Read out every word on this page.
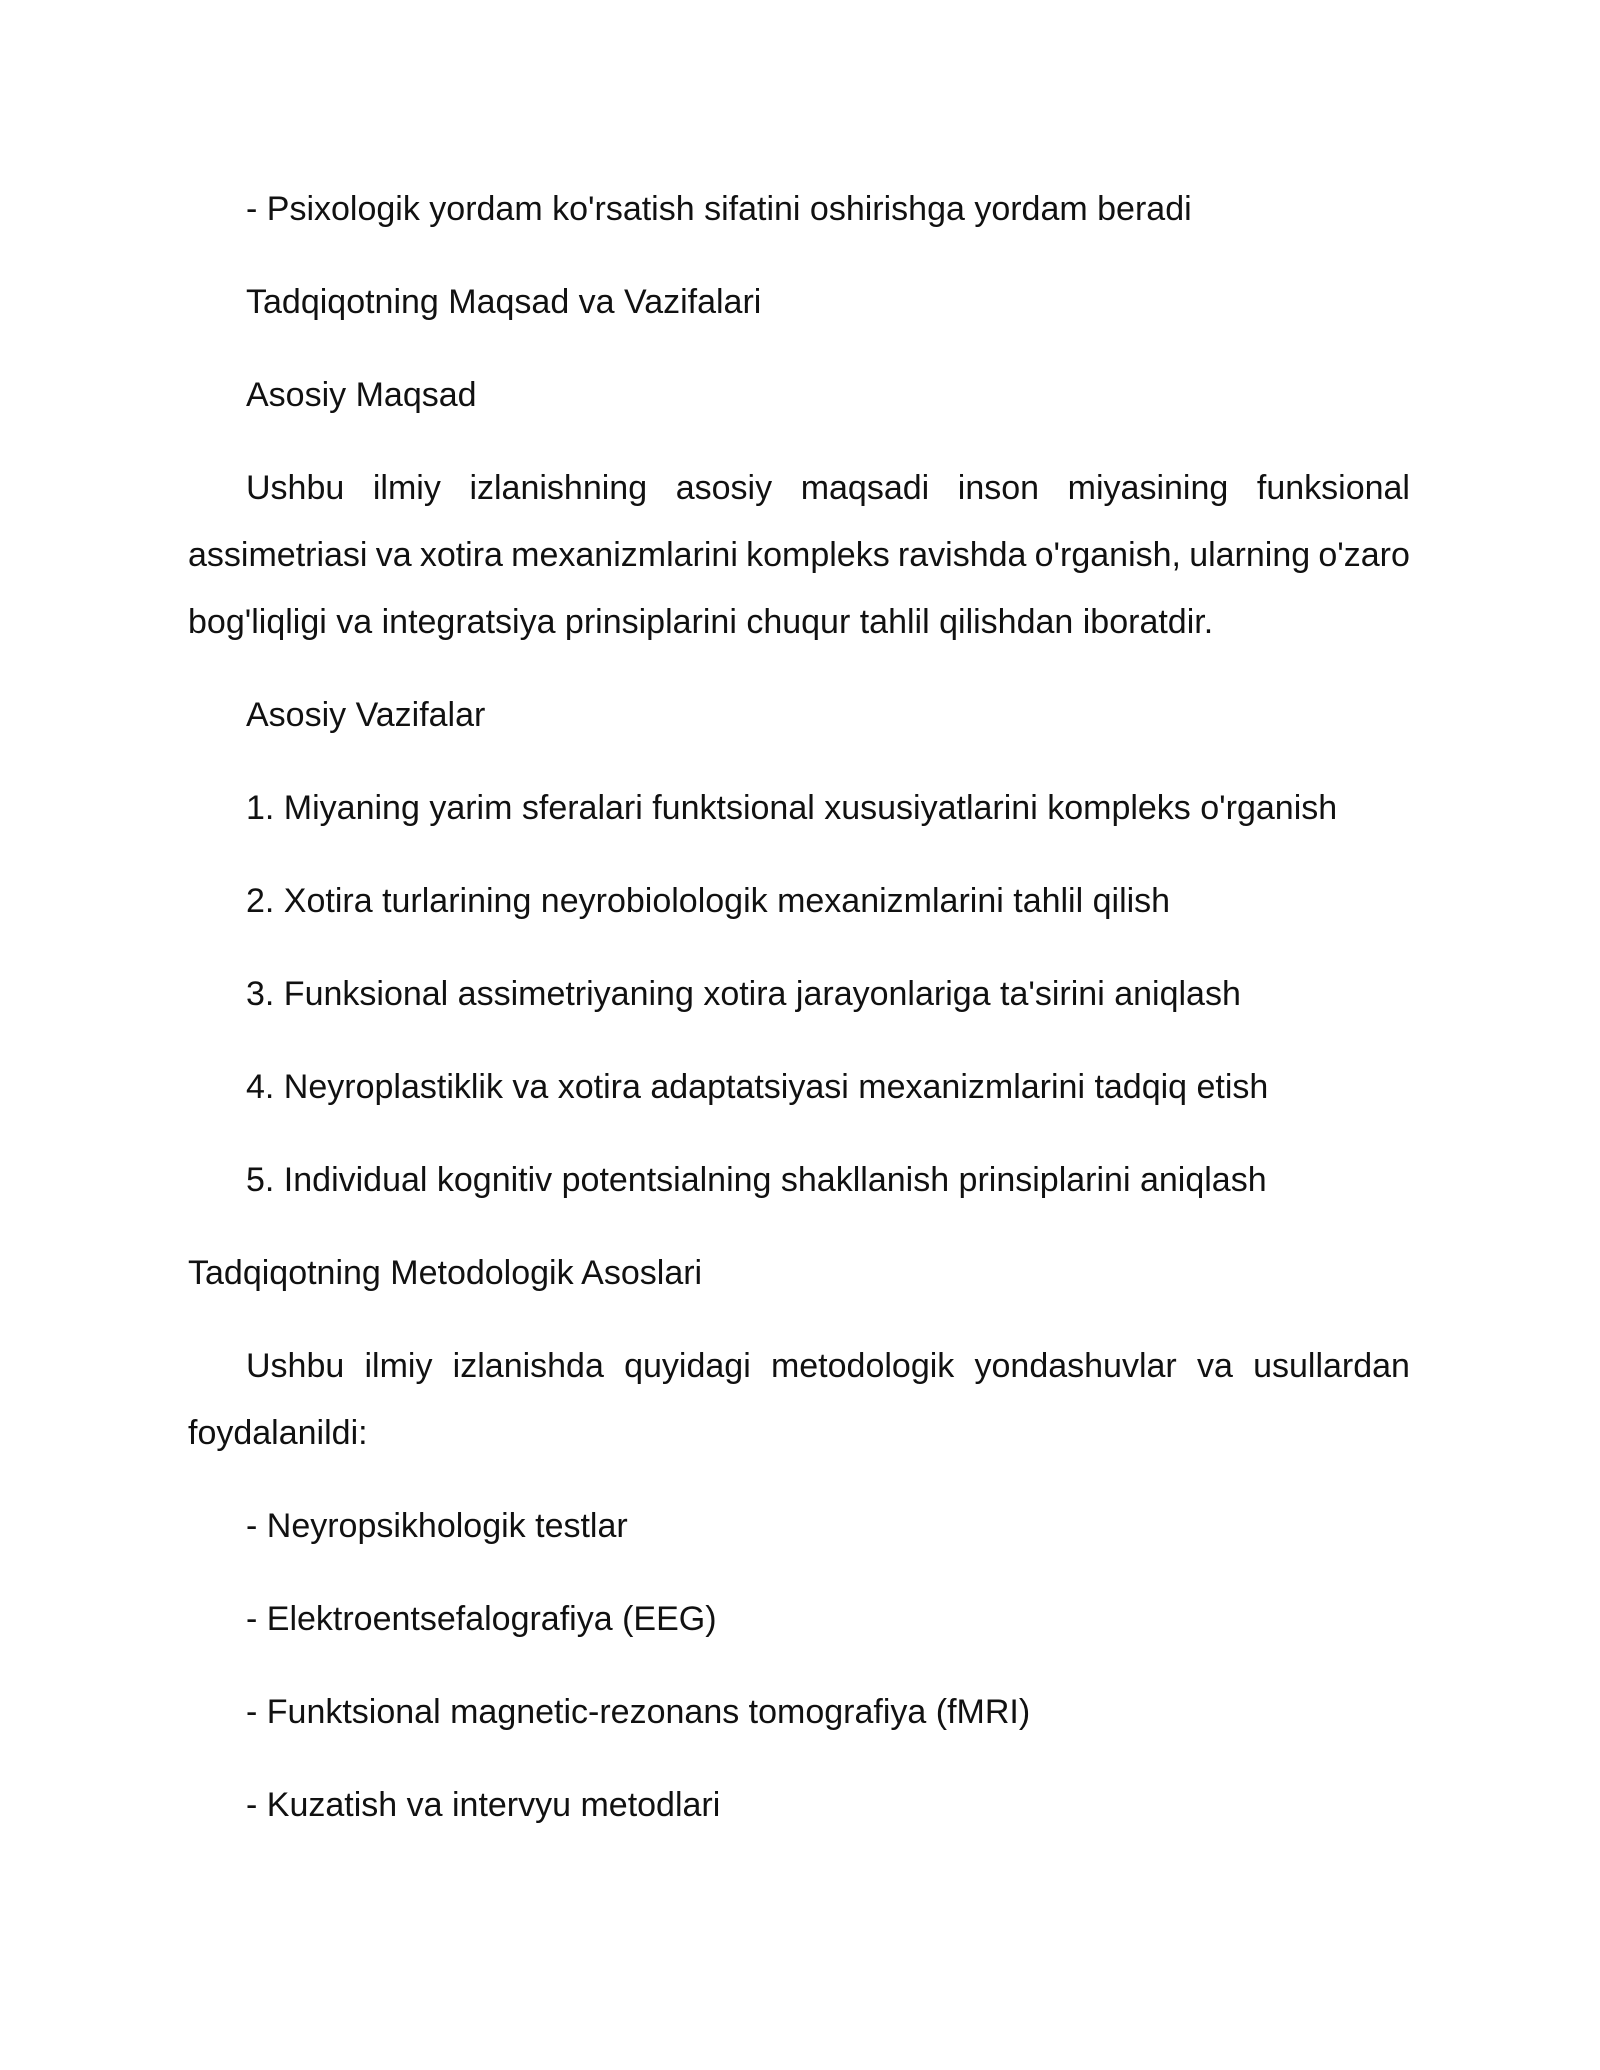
- Psixologik yordam ko'rsatish sifatini oshirishga yordam beradi
Tadqiqotning Maqsad va Vazifalari
Asosiy Maqsad
Ushbu ilmiy izlanishning asosiy maqsadi inson miyasining funksional
assimetriasi va xotira mexanizmlarini kompleks ravishda o'rganish, ularning o'zaro
bog'liqligi va integratsiya prinsiplarini chuqur tahlil qilishdan iboratdir.
Asosiy Vazifalar
1. Miyaning yarim sferalari funktsional xususiyatlarini kompleks o'rganish
2. Xotira turlarining neyrobiolologik mexanizmlarini tahlil qilish
3. Funksional assimetriyaning xotira jarayonlariga ta'sirini aniqlash
4. Neyroplastiklik va xotira adaptatsiyasi mexanizmlarini tadqiq etish
5. Individual kognitiv potentsialning shakllanish prinsiplarini aniqlash
Tadqiqotning Metodologik Asoslari
Ushbu ilmiy izlanishda quyidagi metodologik yondashuvlar va usullardan
foydalanildi:
- Neyropsikhologik testlar
- Elektroentsefalografiya (EEG)
- Funktsional magnetic-rezonans tomografiya (fMRI)
- Kuzatish va intervyu metodlari
